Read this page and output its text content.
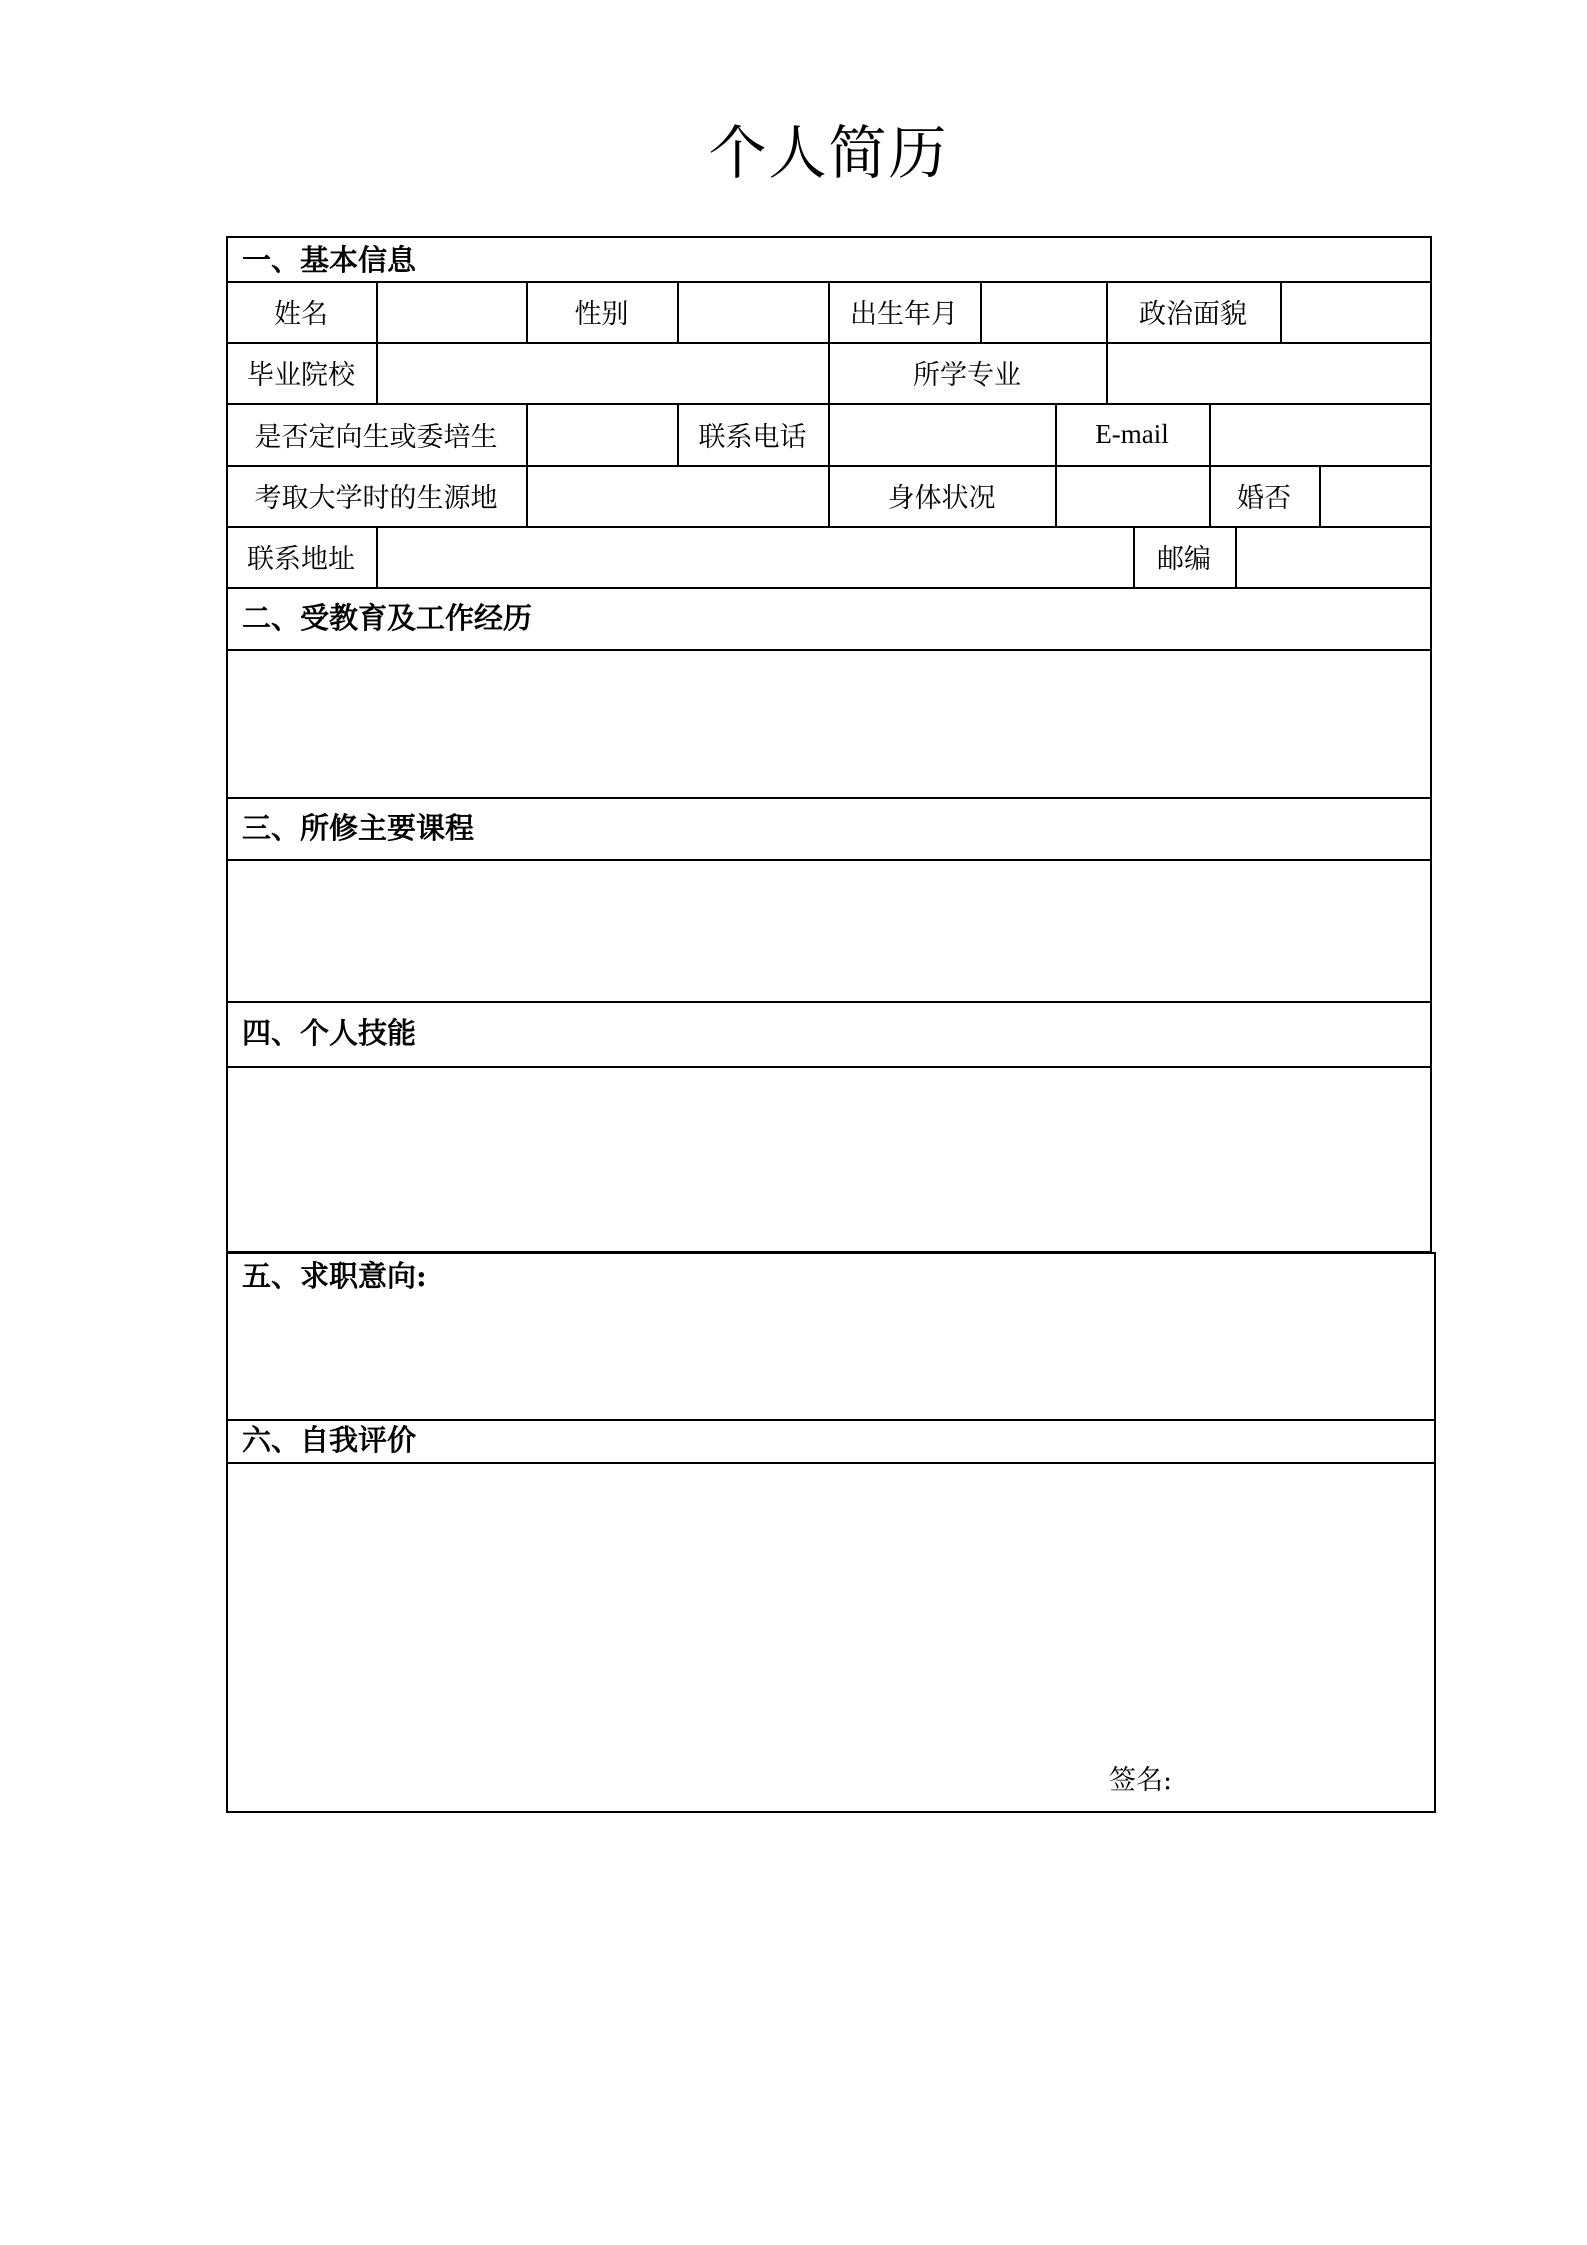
个人简历
一、基本信息
姓名	性别	出生年月	政治面貌
毕业院校	所学专业
是否定向生或委培生	联系电话	E-mail
考取大学时的生源地	身体状况	婚否
联系地址	邮编
二、受教育及工作经历
三、所修主要课程
四、个人技能
五、求职意向:
六、自我评价
签名:
